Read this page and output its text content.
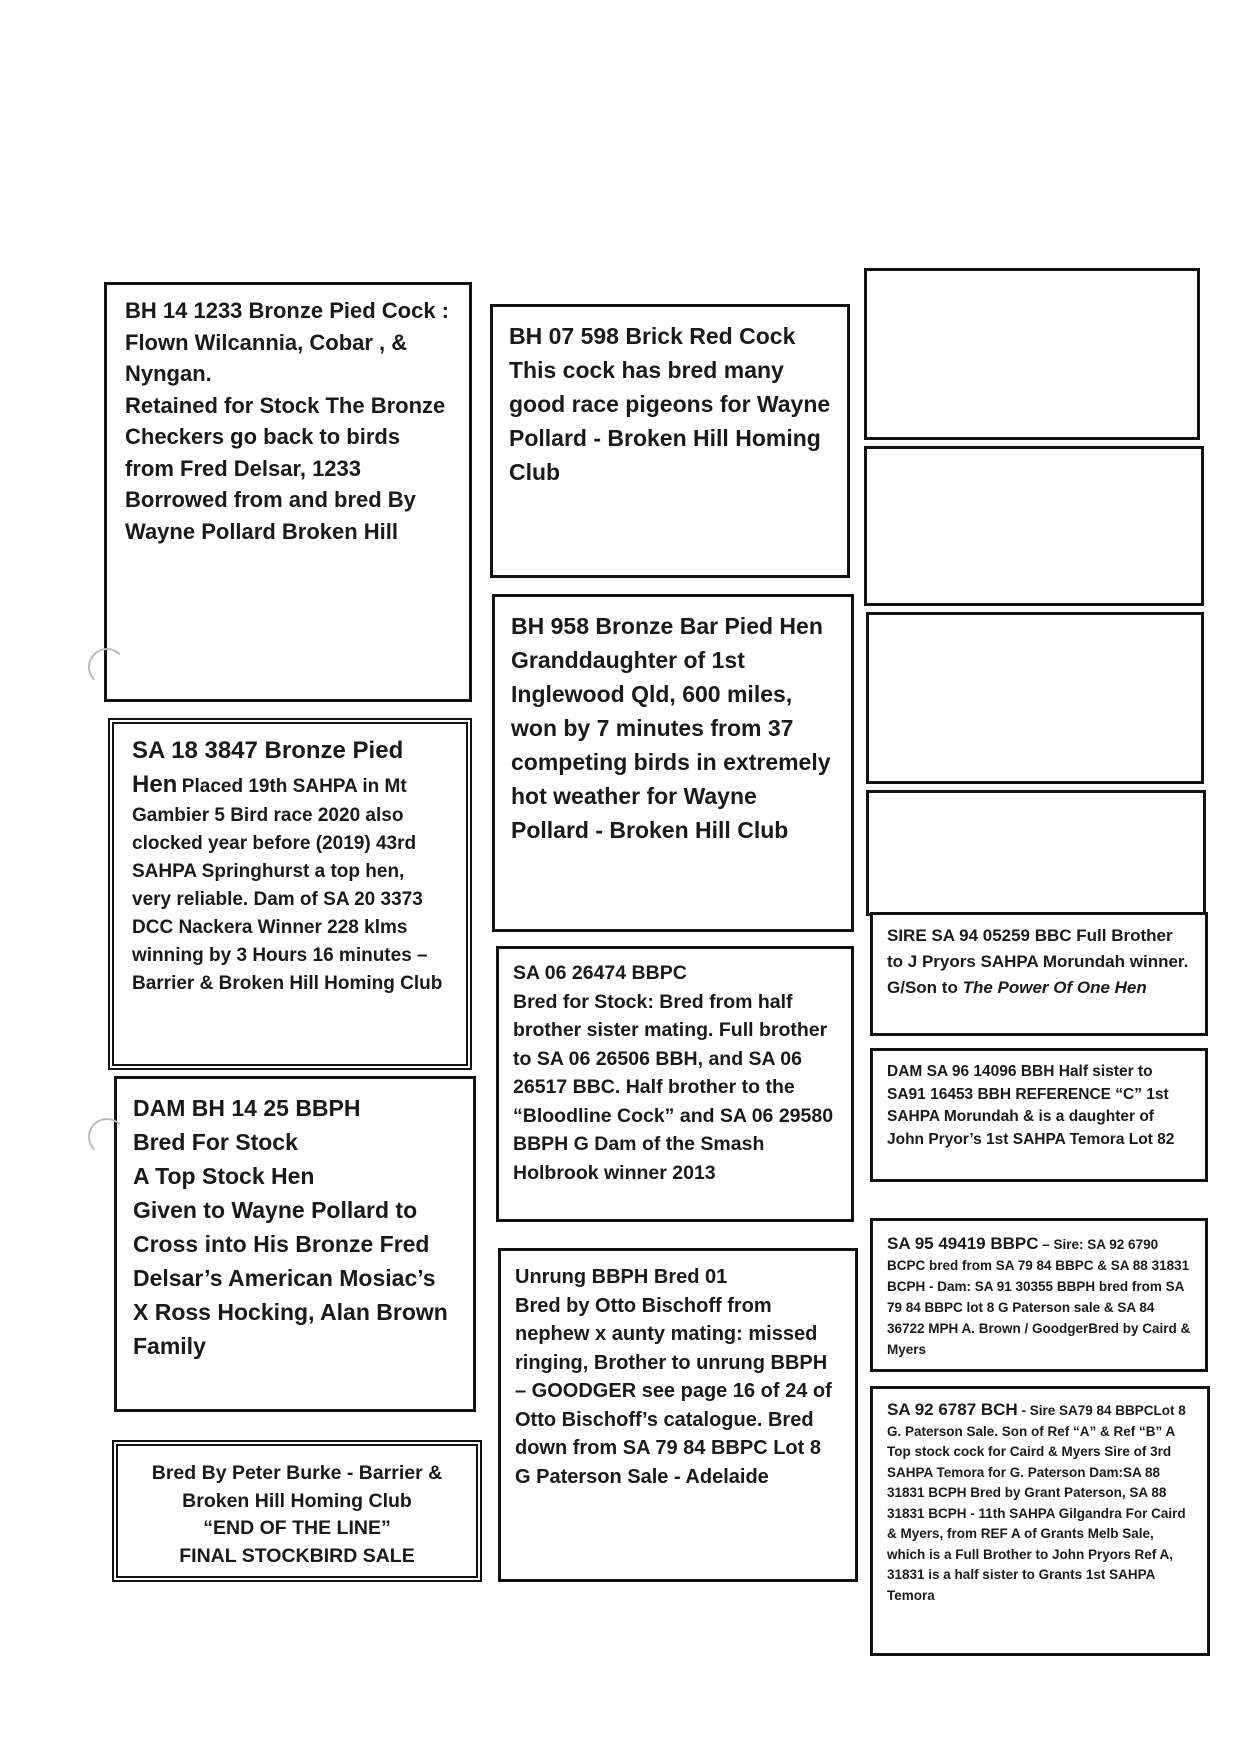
BH 14 1233 Bronze Pied Cock :
Flown Wilcannia, Cobar , & Nyngan.
Retained for Stock The Bronze Checkers go back to birds from Fred Delsar, 1233 Borrowed from and bred By Wayne Pollard Broken Hill

SA 18 3847 Bronze Pied
Hen Placed 19th SAHPA in Mt Gambier 5 Bird race 2020 also clocked year before (2019) 43rd SAHPA Springhurst a top hen, very reliable. Dam of SA 20 3373 DCC Nackera Winner 228 klms winning by 3 Hours 16 minutes – Barrier & Broken Hill Homing Club

DAM BH 14 25 BBPH
Bred For Stock
A Top Stock Hen
Given to Wayne Pollard to Cross into His Bronze Fred Delsar’s American Mosiac’s X Ross Hocking, Alan Brown Family

Bred By Peter Burke - Barrier & Broken Hill Homing Club
“END OF THE LINE”
FINAL STOCKBIRD SALE

BH 07 598 Brick Red Cock
This cock has bred many good race pigeons for Wayne Pollard - Broken Hill Homing Club

BH 958 Bronze Bar Pied Hen
Granddaughter of 1st Inglewood Qld, 600 miles, won by 7 minutes from 37 competing birds in extremely hot weather for Wayne Pollard - Broken Hill Club

SA 06 26474 BBPC
Bred for Stock: Bred from half brother sister mating. Full brother to SA 06 26506 BBH, and SA 06 26517 BBC. Half brother to the “Bloodline Cock” and SA 06 29580 BBPH G Dam of the Smash Holbrook winner 2013

Unrung BBPH Bred 01
Bred by Otto Bischoff from nephew x aunty mating: missed ringing, Brother to unrung BBPH – GOODGER see page 16 of 24 of Otto Bischoff’s catalogue. Bred down from SA 79 84 BBPC Lot 8 G Paterson Sale - Adelaide

SIRE SA 94 05259 BBC Full Brother to J Pryors SAHPA Morundah winner. G/Son to The Power Of One Hen

DAM SA 96 14096 BBH Half sister to SA91 16453 BBH REFERENCE “C” 1st SAHPA Morundah & is a daughter of John Pryor’s 1st SAHPA Temora Lot 82

SA 95 49419 BBPC – Sire: SA 92 6790 BCPC bred from SA 79 84 BBPC & SA 88 31831 BCPH - Dam: SA 91 30355 BBPH bred from SA 79 84 BBPC lot 8 G Paterson sale & SA 84 36722 MPH A. Brown / GoodgerBred by Caird & Myers

SA 92 6787 BCH - Sire SA79 84 BBPCLot 8 G. Paterson Sale. Son of Ref “A” & Ref “B” A Top stock cock for Caird & Myers Sire of 3rd SAHPA Temora for G. Paterson Dam:SA 88 31831 BCPH Bred by Grant Paterson, SA 88 31831 BCPH - 11th SAHPA Gilgandra For Caird & Myers, from REF A of Grants Melb Sale, which is a Full Brother to John Pryors Ref A, 31831 is a half sister to Grants 1st SAHPA Temora
